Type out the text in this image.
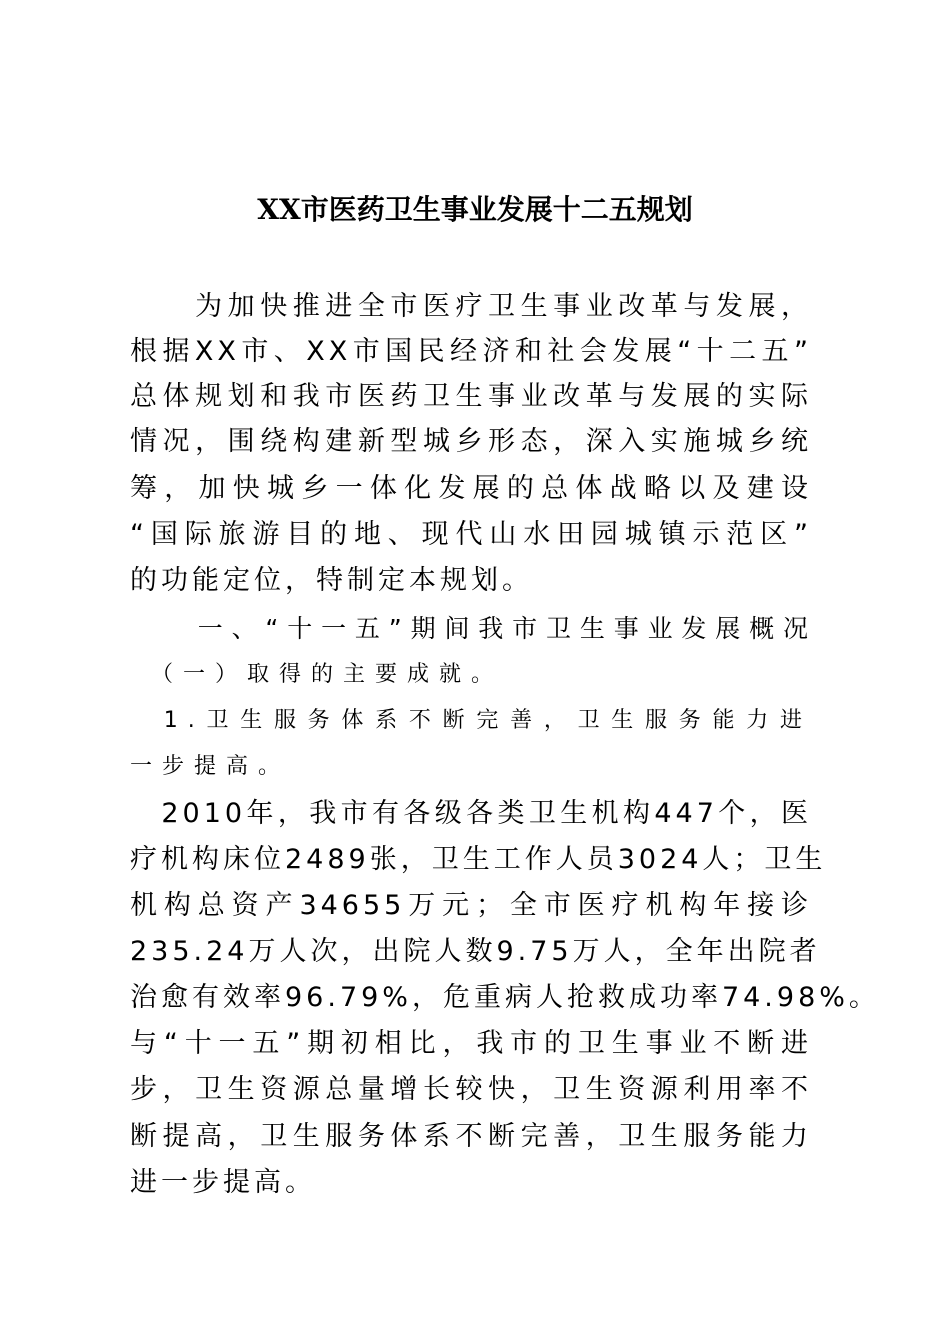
XX市医药卫生事业发展十二五规划
　　为加快推进全市医疗卫生事业改革与发展，
根据XX市、XX市国民经济和社会发展“十二五”
总体规划和我市医药卫生事业改革与发展的实际
情况，围绕构建新型城乡形态，深入实施城乡统
筹，加快城乡一体化发展的总体战略以及建设
“国际旅游目的地、现代山水田园城镇示范区”
的功能定位，特制定本规划。
　　一、“十一五”期间我市卫生事业发展概况
　（一）取得的主要成就。
　1.卫生服务体系不断完善，卫生服务能力进
一步提高。
　2010年，我市有各级各类卫生机构447个，医
疗机构床位2489张，卫生工作人员3024人；卫生
机构总资产34655万元；全市医疗机构年接诊
235.24万人次，出院人数9.75万人，全年出院者
治愈有效率96.79%，危重病人抢救成功率74.98%。
与“十一五”期初相比，我市的卫生事业不断进
步，卫生资源总量增长较快，卫生资源利用率不
断提高，卫生服务体系不断完善，卫生服务能力
进一步提高。
